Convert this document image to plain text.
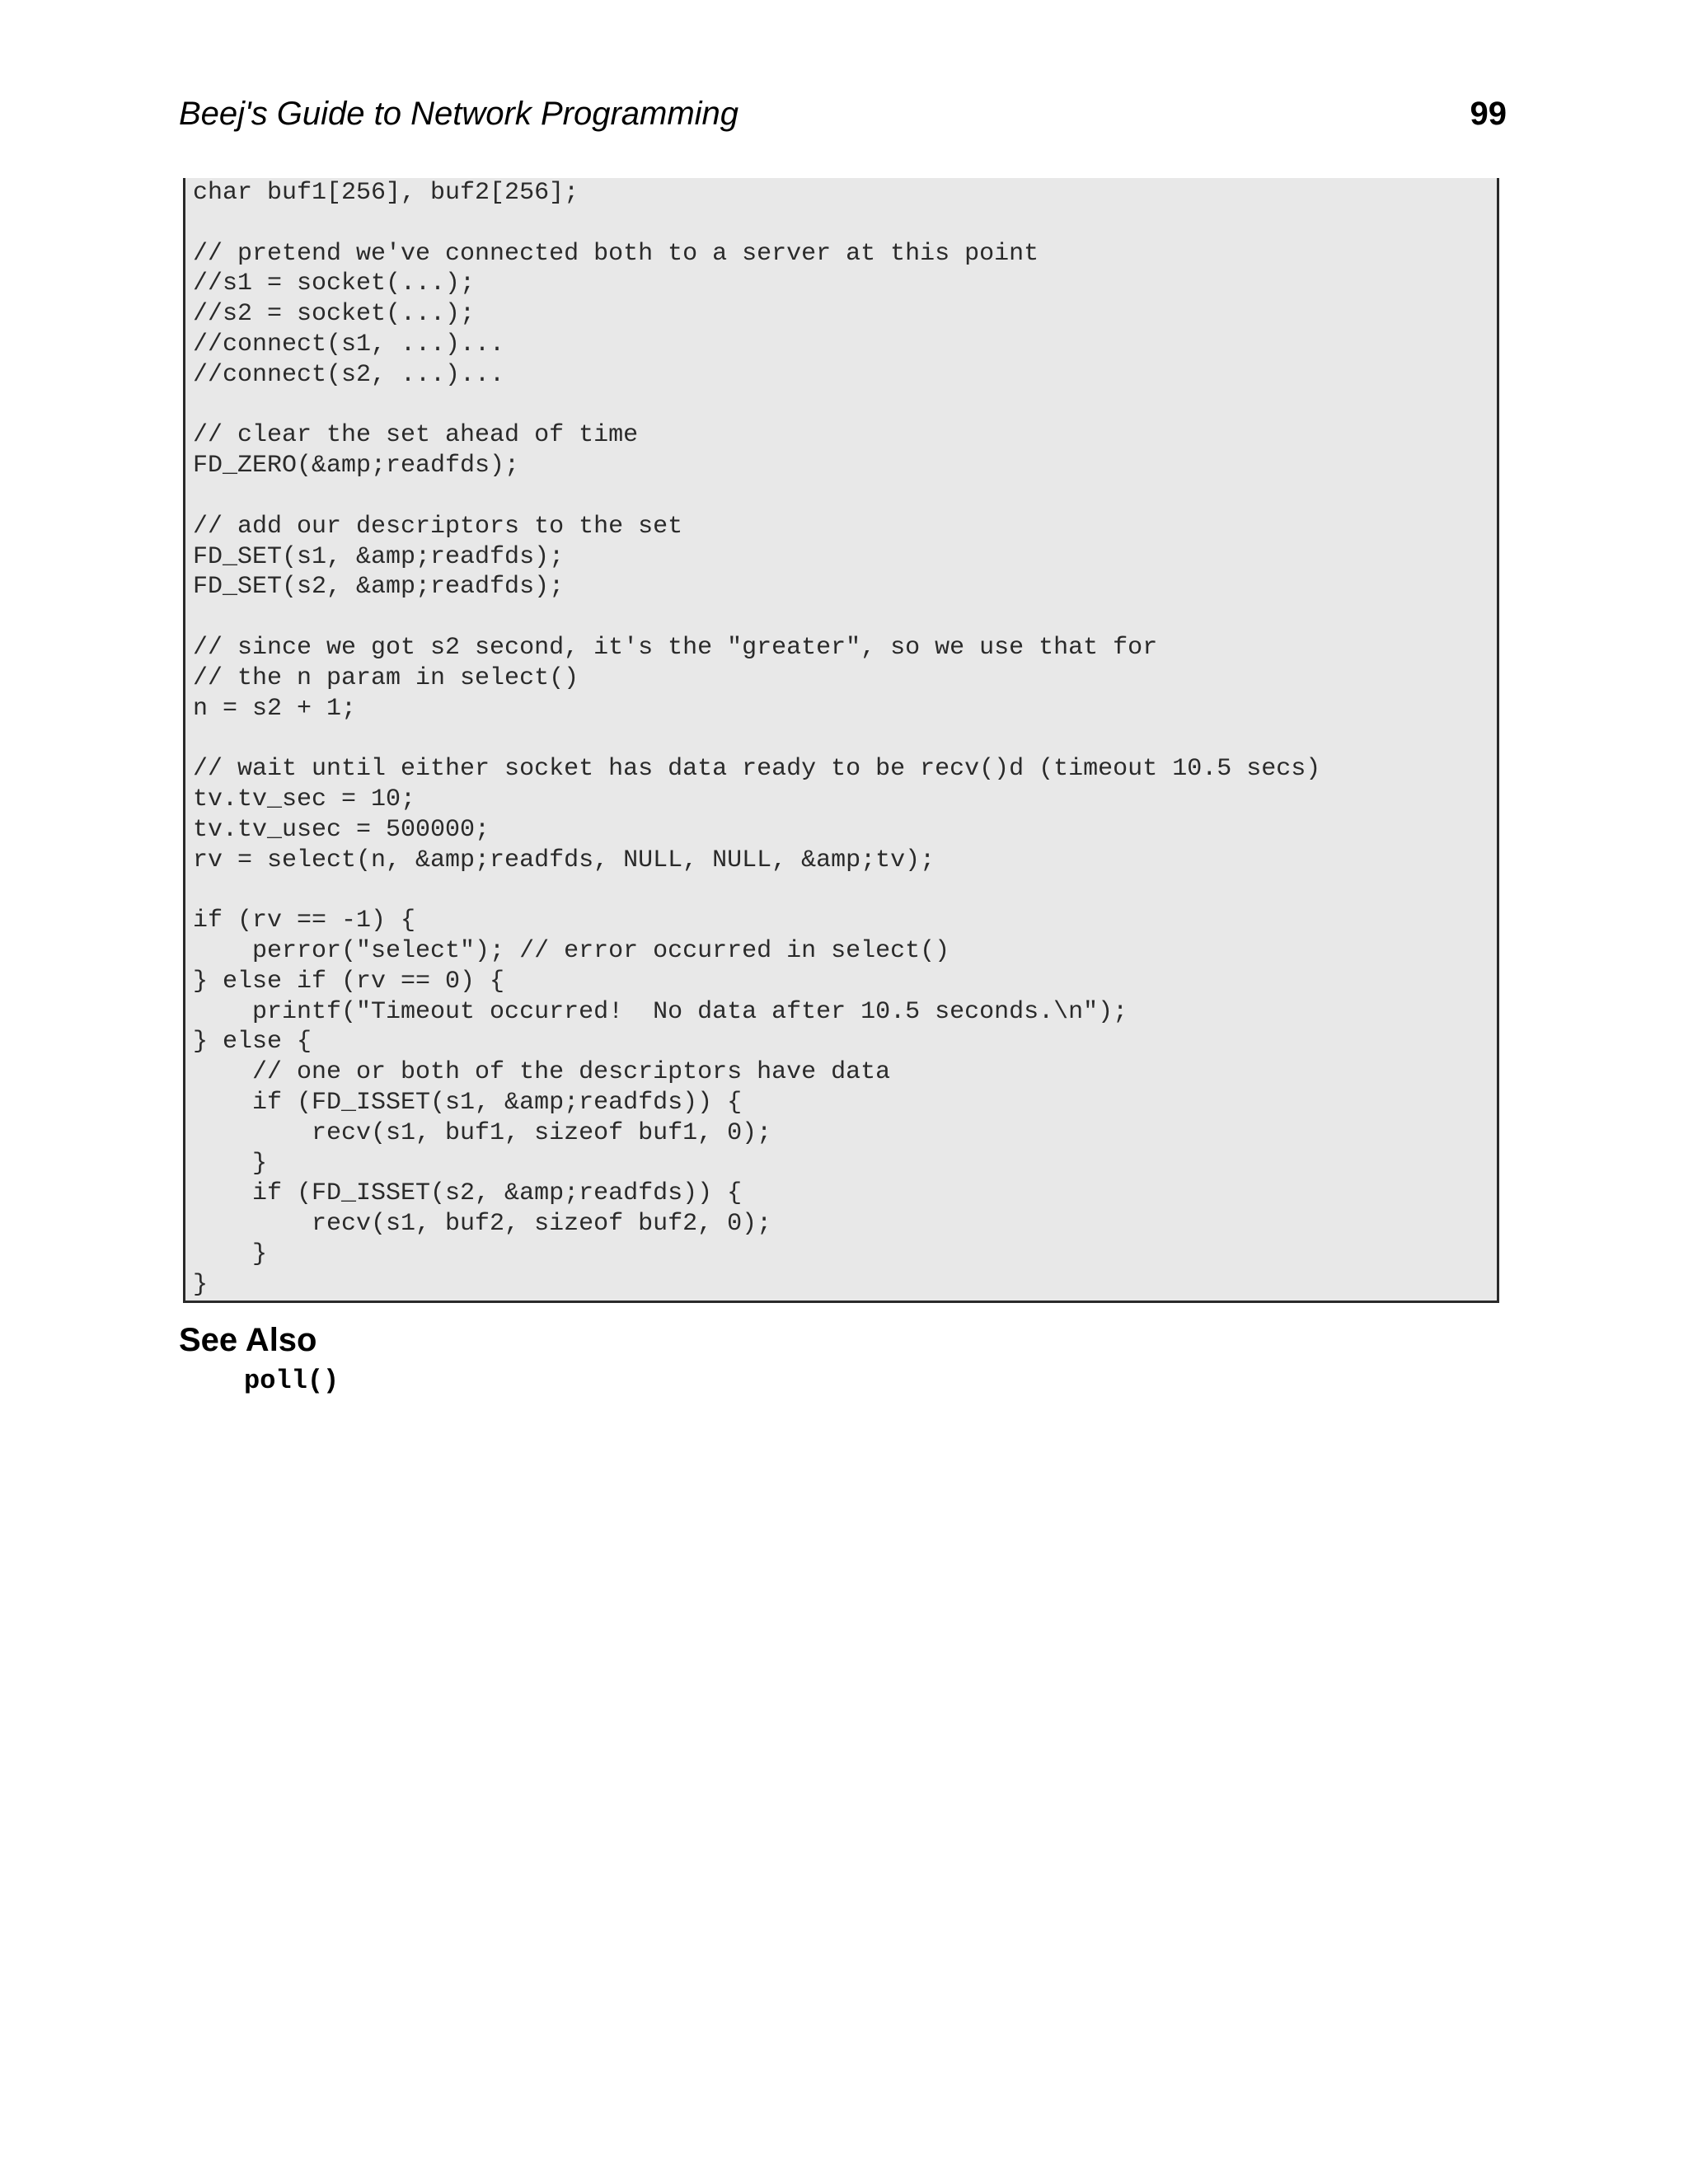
Beej's Guide to Network Programming	99
char buf1[256], buf2[256];
// pretend we've connected both to a server at this point
//s1 = socket(...);
//s2 = socket(...);
//connect(s1, ...)...
//connect(s2, ...)...
// clear the set ahead of time
FD_ZERO(&amp;readfds);
// add our descriptors to the set
FD_SET(s1, &amp;readfds);
FD_SET(s2, &amp;readfds);
// since we got s2 second, it's the "greater", so we use that for
// the n param in select()
n = s2 + 1;
// wait until either socket has data ready to be recv()d (timeout 10.5 secs)
tv.tv_sec = 10;
tv.tv_usec = 500000;
rv = select(n, &amp;readfds, NULL, NULL, &amp;tv);
if (rv == -1) {
perror("select"); // error occurred in select()
} else if (rv == 0) {
printf("Timeout occurred!  No data after 10.5 seconds.\n");
} else {
// one or both of the descriptors have data
if (FD_ISSET(s1, &amp;readfds)) {
recv(s1, buf1, sizeof buf1, 0);
}
if (FD_ISSET(s2, &amp;readfds)) {
recv(s1, buf2, sizeof buf2, 0);
}
}
See Also
poll()
